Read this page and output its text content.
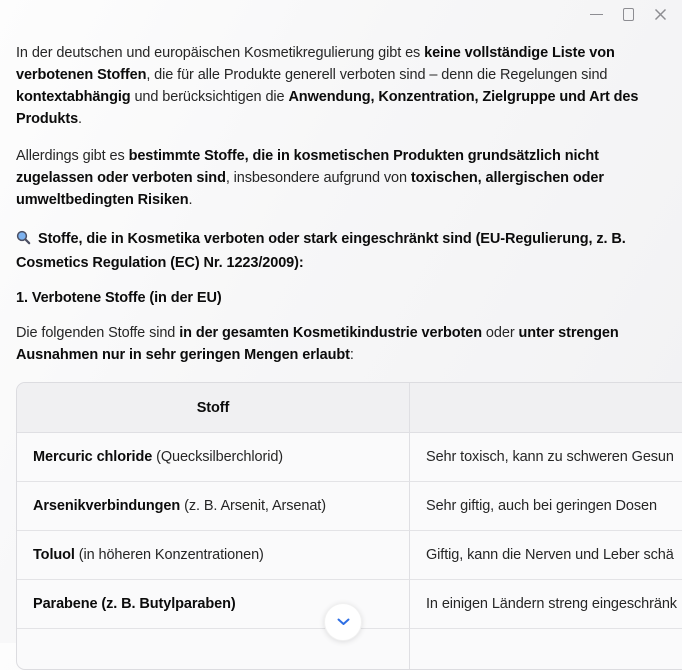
In der deutschen und europäischen Kosmetikregulierung gibt es keine vollständige Liste von verbotenen Stoffen, die für alle Produkte generell verboten sind – denn die Regelungen sind kontextabhängig und berücksichtigen die Anwendung, Konzentration, Zielgruppe und Art des Produkts.

Allerdings gibt es bestimmte Stoffe, die in kosmetischen Produkten grundsätzlich nicht zugelassen oder verboten sind, insbesondere aufgrund von toxischen, allergischen oder umweltbedingten Risiken.

Stoffe, die in Kosmetika verboten oder stark eingeschränkt sind (EU-Regulierung, z. B. Cosmetics Regulation (EC) Nr. 1223/2009):
1. Verbotene Stoffe (in der EU)

Die folgenden Stoffe sind in der gesamten Kosmetikindustrie verboten oder unter strengen Ausnahmen nur in sehr geringen Mengen erlaubt:

Stoff	
Mercuric chloride (Quecksilberchlorid)	Sehr toxisch, kann zu schweren Gesun
Arsenikverbindungen (z. B. Arsenit, Arsenat)	Sehr giftig, auch bei geringen Dosen
Toluol (in höheren Konzentrationen)	Giftig, kann die Nerven und Leber schä
Parabene (z. B. Butylparaben)	In einigen Ländern streng eingeschränk
